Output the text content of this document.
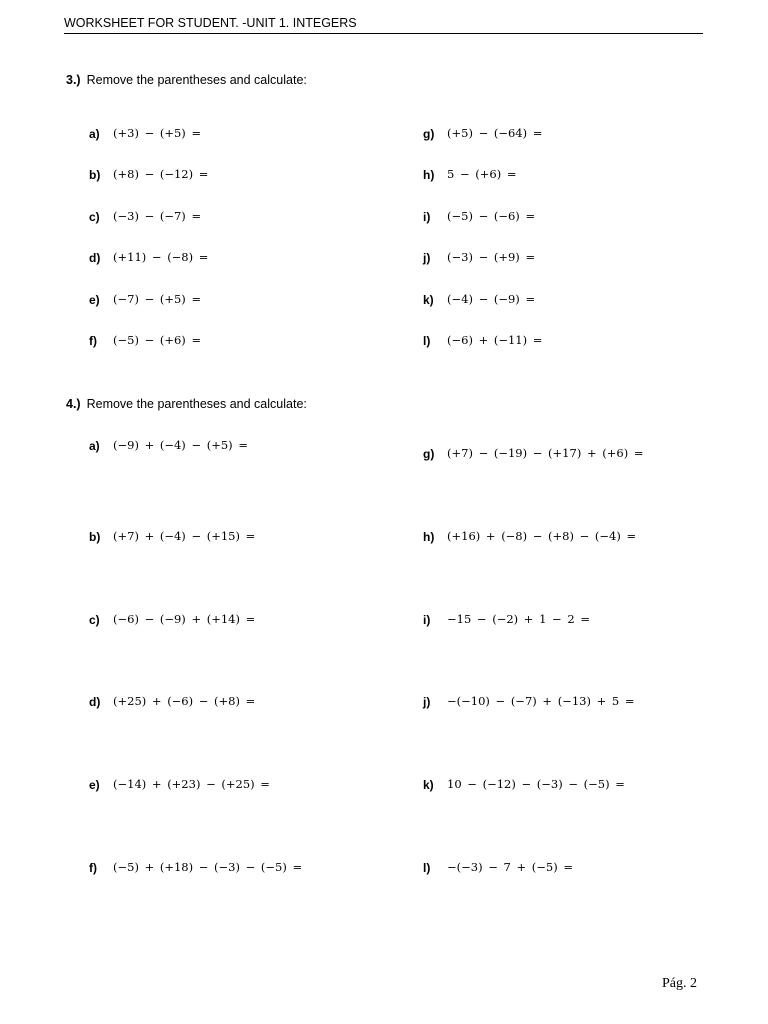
WORKSHEET FOR STUDENT. -UNIT 1. INTEGERS
3.) Remove the parentheses and calculate:
a) (+3) − (+5) =
b) (+8) − (−12) =
c) (−3) − (−7) =
d) (+11) − (−8) =
e) (−7) − (+5) =
f) (−5) − (+6) =
g) (+5) − (−64) =
h) 5 − (+6) =
i) (−5) − (−6) =
j) (−3) − (+9) =
k) (−4) − (−9) =
l) (−6) + (−11) =
4.) Remove the parentheses and calculate:
a) (−9) + (−4) − (+5) =
b) (+7) + (−4) − (+15) =
c) (−6) − (−9) + (+14) =
d) (+25) + (−6) − (+8) =
e) (−14) + (+23) − (+25) =
f) (−5) + (+18) − (−3) − (−5) =
g) (+7) − (−19) − (+17) + (+6) =
h) (+16) + (−8) − (+8) − (−4) =
i) −15 − (−2) + 1 − 2 =
j) −(−10) − (−7) + (−13) + 5 =
k) 10 − (−12) − (−3) − (−5) =
l) −(−3) − 7 + (−5) =
Pág. 2
